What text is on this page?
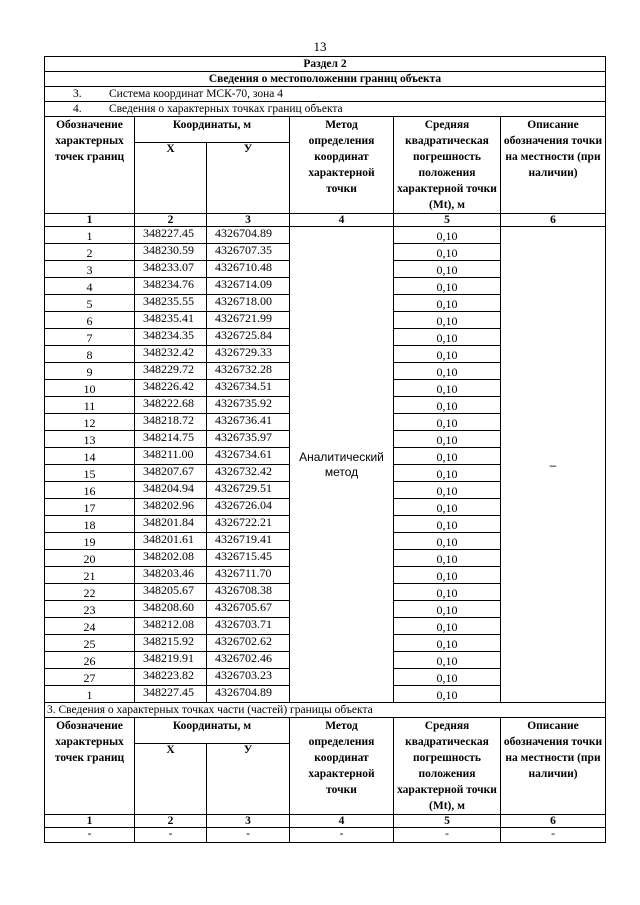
13
Раздел 2					
Сведения о местоположении границ объекта					
3. Система координат МСК-70, зона 4					
4. Сведения о характерных точках границ объекта					
Обозначение характерных точек границ	Координаты, м		Метод определения координат характерной точки	Средняя квадратическая погрешность положения характерной точки (Mt), м	Описание обозначения точки на местности (при наличии)
	X	У			
1	2	3	4	5	6
1	348227.45	4326704.89	Аналитический метод	0,10	–
2	348230.59	4326707.35		0,10	
3	348233.07	4326710.48		0,10	
4	348234.76	4326714.09		0,10	
5	348235.55	4326718.00		0,10	
6	348235.41	4326721.99		0,10	
7	348234.35	4326725.84		0,10	
8	348232.42	4326729.33		0,10	
9	348229.72	4326732.28		0,10	
10	348226.42	4326734.51		0,10	
11	348222.68	4326735.92		0,10	
12	348218.72	4326736.41		0,10	
13	348214.75	4326735.97		0,10	
14	348211.00	4326734.61		0,10	
15	348207.67	4326732.42		0,10	
16	348204.94	4326729.51		0,10	
17	348202.96	4326726.04		0,10	
18	348201.84	4326722.21		0,10	
19	348201.61	4326719.41		0,10	
20	348202.08	4326715.45		0,10	
21	348203.46	4326711.70		0,10	
22	348205.67	4326708.38		0,10	
23	348208.60	4326705.67		0,10	
24	348212.08	4326703.71		0,10	
25	348215.92	4326702.62		0,10	
26	348219.91	4326702.46		0,10	
27	348223.82	4326703.23		0,10	
1	348227.45	4326704.89		0,10	
3. Сведения о характерных точках части (частей) границы объекта					
Обозначение характерных точек границ	Координаты, м		Метод определения координат характерной точки	Средняя квадратическая погрешность положения характерной точки (Mt), м	Описание обозначения точки на местности (при наличии)
	X	У			
1	2	3	4	5	6
-	-	-	-	-	-
